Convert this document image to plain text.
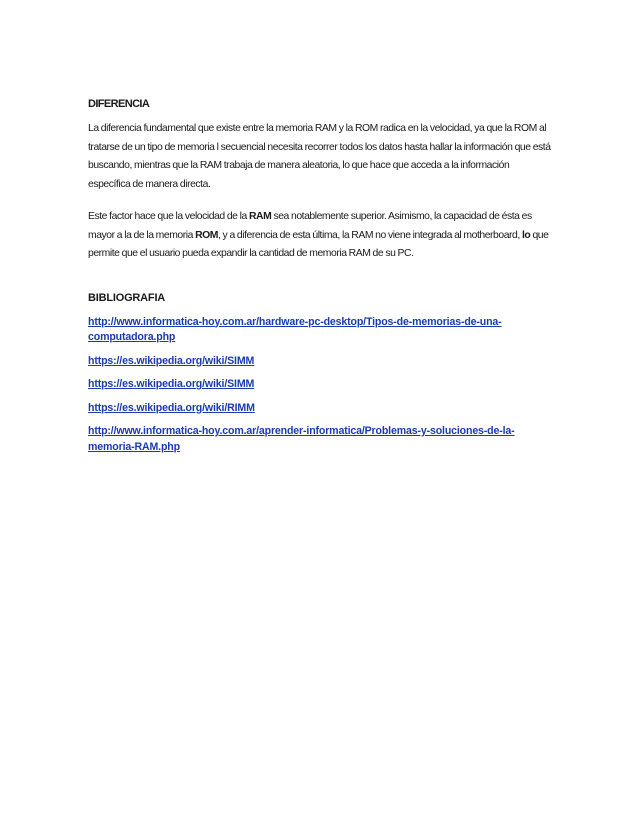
DIFERENCIA

La diferencia fundamental que existe entre la memoria RAM y la ROM radica en la velocidad, ya que la ROM al tratarse de un tipo de memoria l secuencial necesita recorrer todos los datos hasta hallar la información que está buscando, mientras que la RAM trabaja de manera aleatoria, lo que hace que acceda a la información específica de manera directa.

Este factor hace que la velocidad de la RAM sea notablemente superior. Asimismo, la capacidad de ésta es mayor a la de la memoria ROM, y a diferencia de esta última, la RAM no viene integrada al motherboard, lo que permite que el usuario pueda expandir la cantidad de memoria RAM de su PC.

BIBLIOGRAFIA
http://www.informatica-hoy.com.ar/hardware-pc-desktop/Tipos-de-memorias-de-una-computadora.php
https://es.wikipedia.org/wiki/SIMM
https://es.wikipedia.org/wiki/SIMM
https://es.wikipedia.org/wiki/RIMM
http://www.informatica-hoy.com.ar/aprender-informatica/Problemas-y-soluciones-de-la-memoria-RAM.php
